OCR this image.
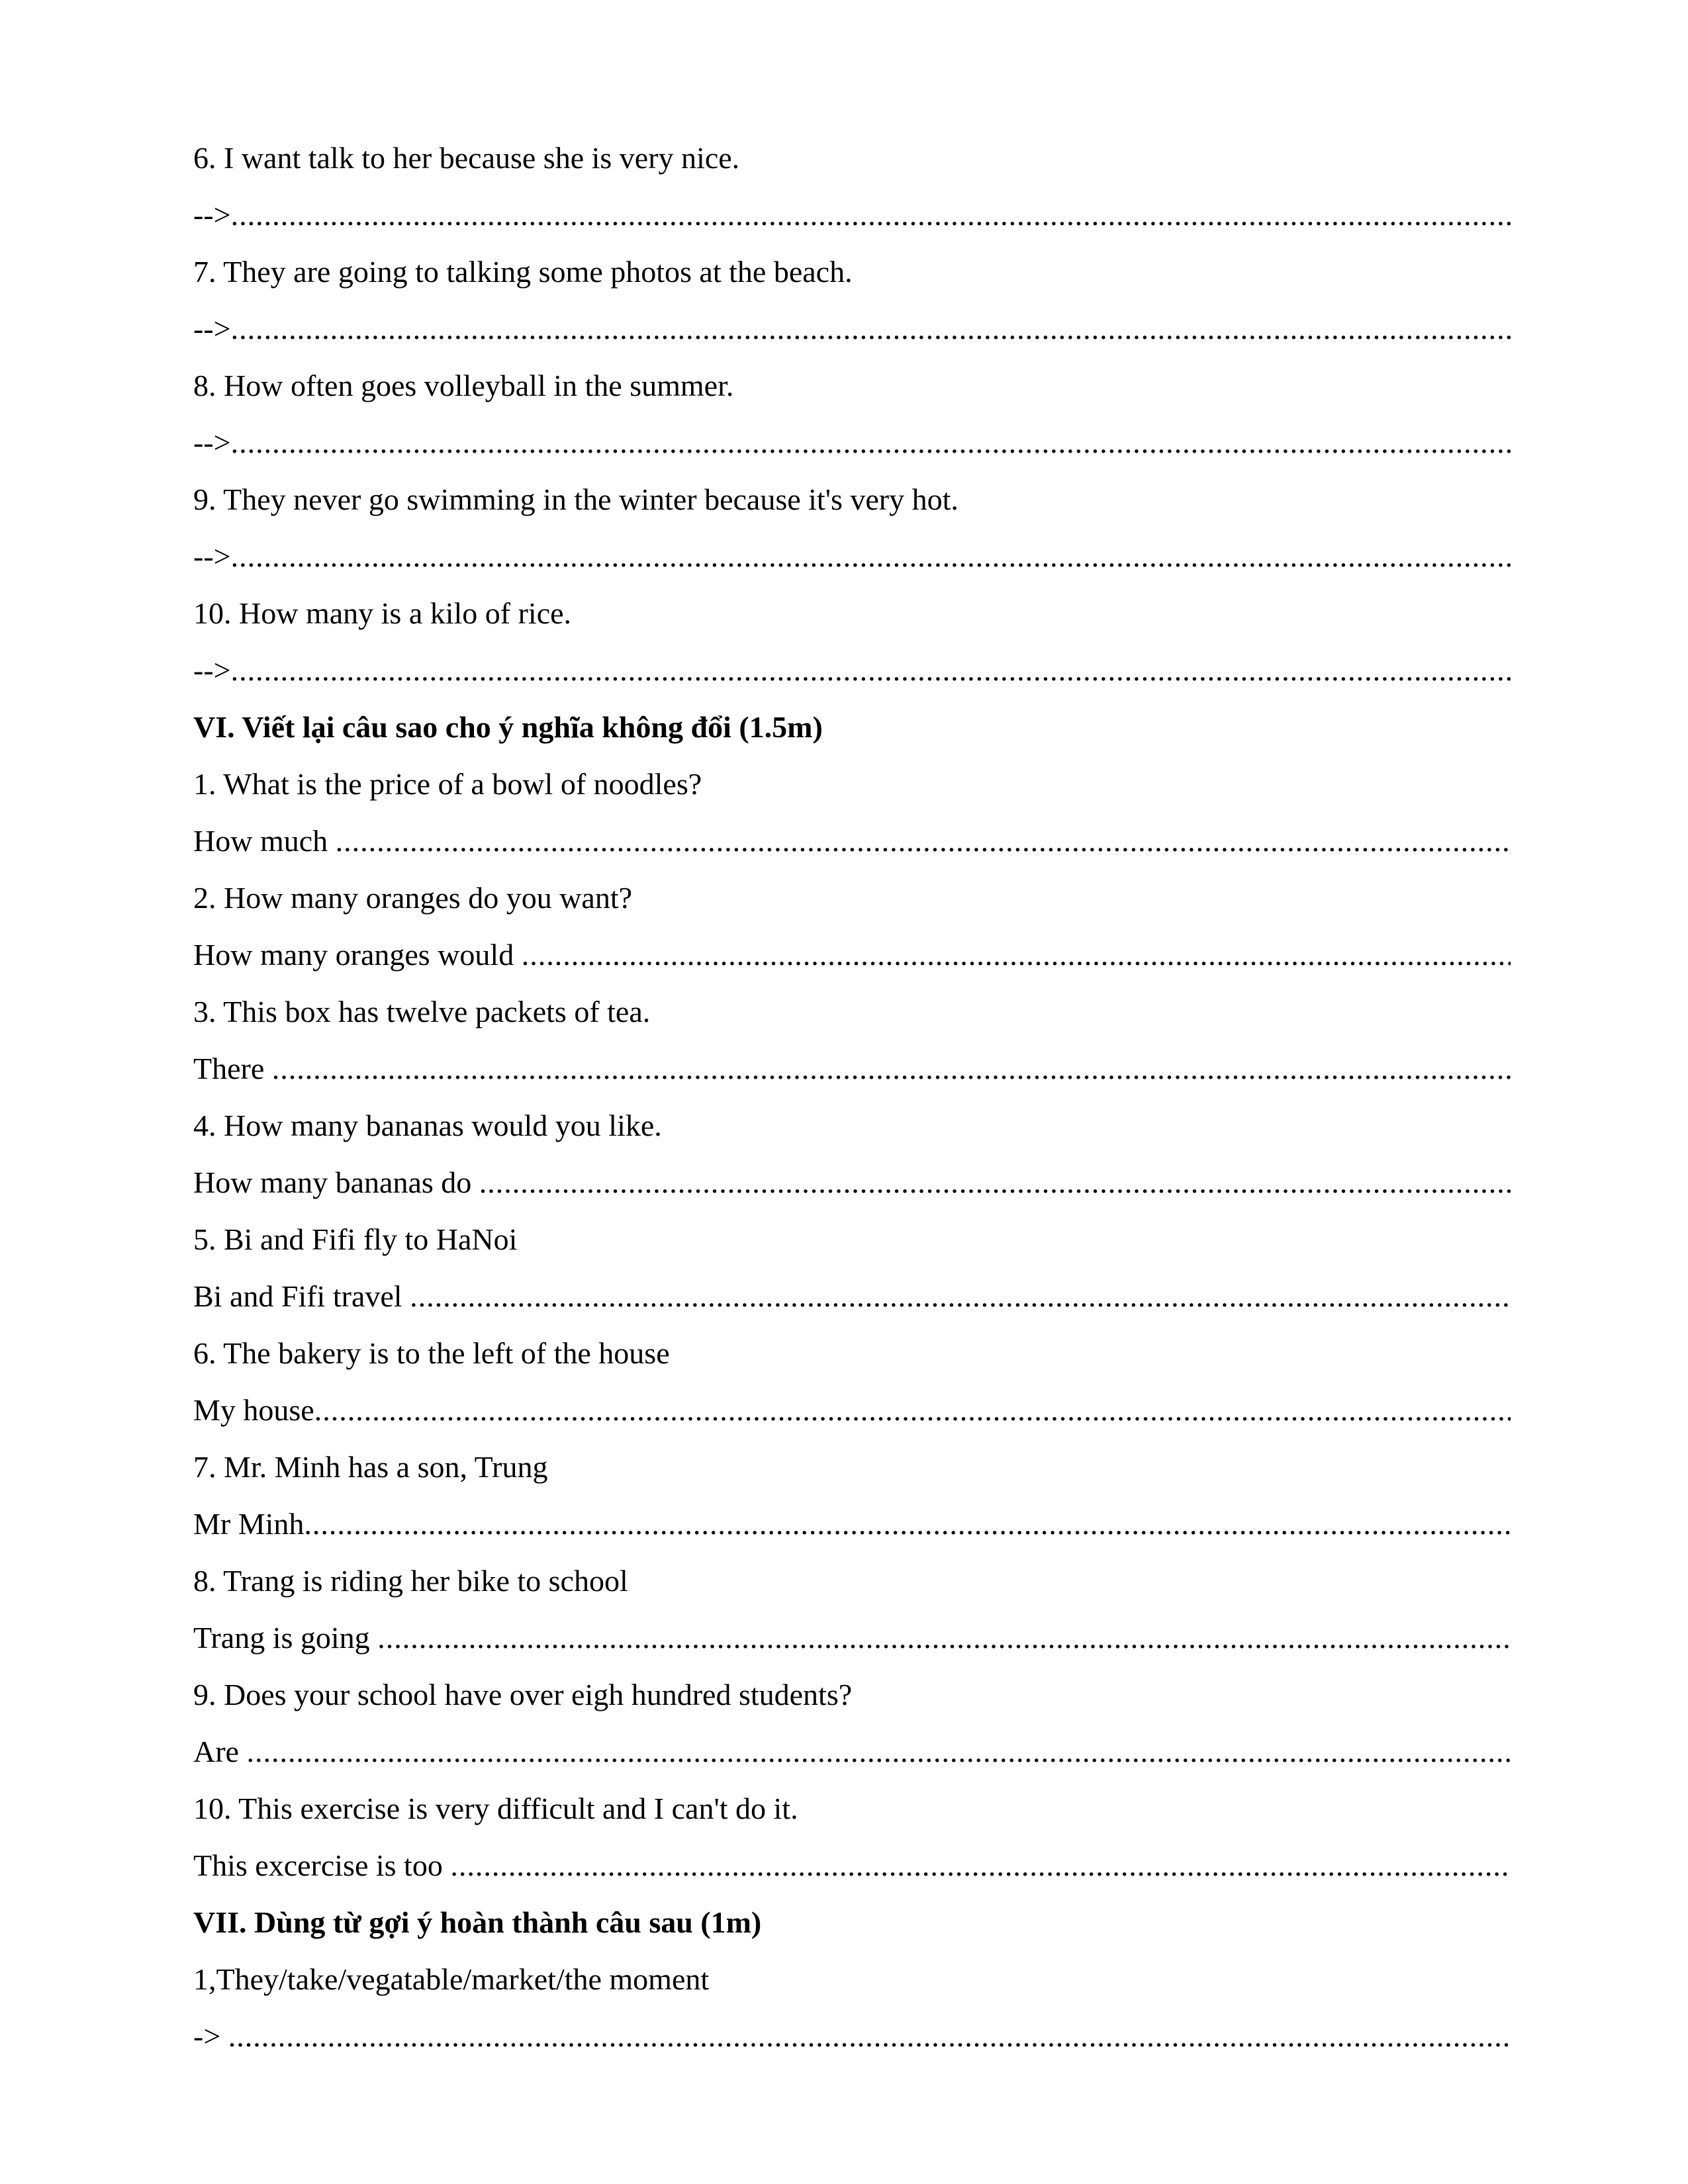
6. I want talk to her because she is very nice.
-->
.....
7. They are going to talking some photos at the beach.
-->
.....
8. How often goes volleyball in the summer.
-->
.....
9. They never go swimming in the winter because it's very hot.
-->
.....
10. How many is a kilo of rice.
-->
.....
VI. Viết lại câu sao cho ý nghĩa không đổi (1.5m)
1. What is the price of a bowl of noodles?
How much
.....
2. How many oranges do you want?
How many oranges would
.....
3. This box has twelve packets of tea.
There
.....
4. How many bananas would you like.
How many bananas do
.....
5. Bi and Fifi fly to HaNoi
Bi and Fifi travel
.....
6. The bakery is to the left of the house
My house
.....
7. Mr. Minh has a son, Trung
Mr Minh
.....
8. Trang is riding her bike to school
Trang is going
.....
9. Does your school have over eigh hundred students?
Are
.....
10. This exercise is very difficult and I can't do it.
This excercise is too
.....
VII. Dùng từ gợi ý hoàn thành câu sau (1m)
1,They/take/vegatable/market/the moment
->
.....
